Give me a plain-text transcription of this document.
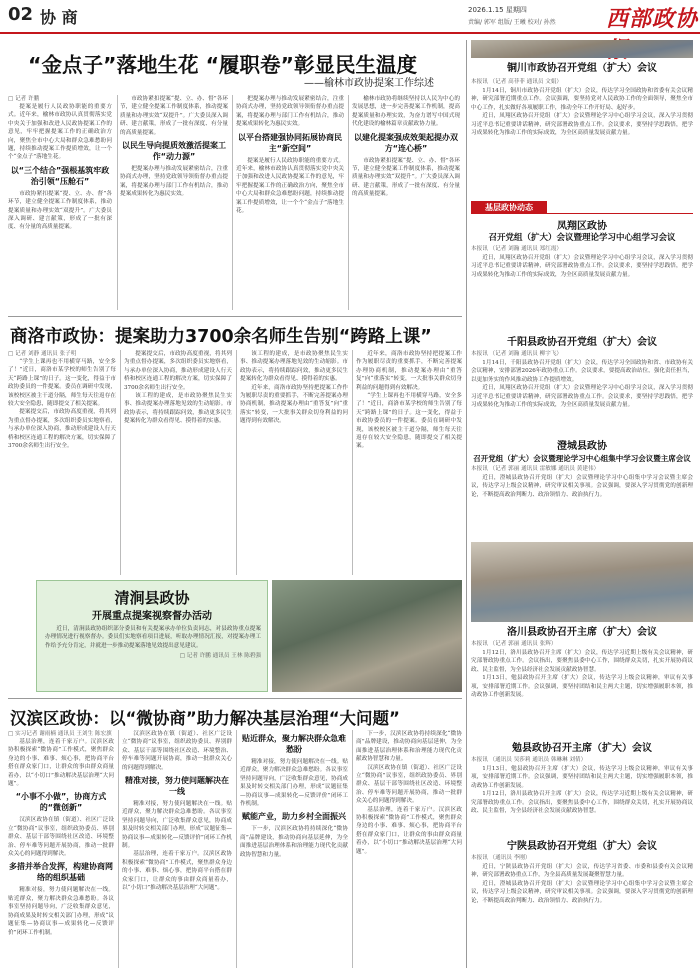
02 协 商	2026.1.15 星期四
责编/ 郭军 组版/ 王曦 校对/ 孙然 西部政协
“金点子”落地生花 “履职卷”彰显民生温度
——榆林市政协提案工作综述
□ 记者 许鹏

提案是履行人民政协职能的重要方式。近年来，榆林市政协认真贯彻落实党中央关于加强和改进人民政协提案工作的意见，牢牢把握提案工作的正确政治方向，聚焦全市中心大局和群众急难愁盼问题，持续推动提案工作提质增效，让一个个“金点子”落地生花。

以“三个结合”强根基筑牢政治引领“压舱石”

市政协紧扣提案“提、立、办、督”各环节，建立健全提案工作制度体系，推动提案质量和办理实效“双提升”。广大委员深入调研、建言献策，形成了一批有深度、有分量的高质量提案。

市政协紧扣提案“提、立、办、督”各环节，建立健全提案工作制度体系，推动提案质量和办理实效“双提升”。广大委员深入调研、建言献策，形成了一批有深度、有分量的高质量提案。

以民生导向提质效激活提案工作“动力源”

把提案办理与推动发展紧密结合，注重协商式办理，坚持党政领导领衔督办重点提案，将提案办理与部门工作有机结合，推动提案成果转化为惠民实效。

把提案办理与推动发展紧密结合，注重协商式办理，坚持党政领导领衔督办重点提案，将提案办理与部门工作有机结合，推动提案成果转化为惠民实效。

以平台搭建强协同拓展协商民主“新空间”

提案是履行人民政协职能的重要方式。近年来，榆林市政协认真贯彻落实党中央关于加强和改进人民政协提案工作的意见，牢牢把握提案工作的正确政治方向，聚焦全市中心大局和群众急难愁盼问题，持续推动提案工作提质增效，让一个个“金点子”落地生花。

榆林市政协将继续坚持以人民为中心的发展思想，进一步完善提案工作机制，提高提案质量和办理实效，为奋力谱写中国式现代化建设的榆林篇章贡献政协力量。

以建化提案强成效架起提办双方“连心桥”

市政协紧扣提案“提、立、办、督”各环节，建立健全提案工作制度体系，推动提案质量和办理实效“双提升”。广大委员深入调研、建言献策，形成了一批有深度、有分量的高质量提案。

商洛市政协：提案助力3700余名师生告别“跨路上课”
□ 记者 刘静 通讯员 张子明

“学生上课再也不用横穿马路，安全多了！”近日，商洛市某学校的师生告别了每天“跨路上课”的日子。这一变化，得益于市政协委员的一件提案。委员在调研中发现，该校校区被主干道分隔，师生每天往返存在较大安全隐患，随即提交了相关提案。

提案提交后，市政协高度重视，将其列为重点督办提案，多次组织委员实地察看，与承办单位深入协商，推动形成建设人行天桥和校区连通工程的解决方案，切实保障了3700余名师生出行安全。

提案提交后，市政协高度重视，将其列为重点督办提案，多次组织委员实地察看，与承办单位深入协商，推动形成建设人行天桥和校区连通工程的解决方案，切实保障了3700余名师生出行安全。

该工程的建成，是市政协聚焦民生实事、推动提案办理落地见效的生动缩影。市政协表示，将持续跟踪问效，推动更多民生提案转化为群众看得见、摸得着的实惠。

该工程的建成，是市政协聚焦民生实事、推动提案办理落地见效的生动缩影。市政协表示，将持续跟踪问效，推动更多民生提案转化为群众看得见、摸得着的实惠。

近年来，商洛市政协坚持把提案工作作为履职尽责的重要抓手，不断完善提案办理协商机制，推动提案办理由“重答复”向“重落实”转变，一大批事关群众切身利益的问题得到有效解决。

近年来，商洛市政协坚持把提案工作作为履职尽责的重要抓手，不断完善提案办理协商机制，推动提案办理由“重答复”向“重落实”转变，一大批事关群众切身利益的问题得到有效解决。

“学生上课再也不用横穿马路，安全多了！”近日，商洛市某学校的师生告别了每天“跨路上课”的日子。这一变化，得益于市政协委员的一件提案。委员在调研中发现，该校校区被主干道分隔，师生每天往返存在较大安全隐患，随即提交了相关提案。

清涧县政协
开展重点提案视察督办活动

近日，清涧县政协组织部分委员和有关提案承办单位负责同志，对县政协重点提案办理情况进行视察督办。委员们实地察看项目进展，听取办理情况汇报，对提案办理工作给予充分肯定，并就进一步推动提案落地见效提出意见建议。

□ 记者 许鹏 通讯员 王林 陈碧强
汉滨区政协：以“微协商”助力解决基层治理“大问题”
□ 实习记者 谢雨楠 通讯员 王刘生 陈宏旗

基层治理，连着千家万户。汉滨区政协积极探索“微协商”工作模式，聚焦群众身边的小事、难事、烦心事，把协商平台搭在群众家门口，让群众的事由群众商量着办，以“小切口”推动解决基层治理“大问题”。

“小事不小做”，协商方式的“微创新”

汉滨区政协在镇（街道）、社区广泛设立“微协商”议事室，组织政协委员、界别群众、基层干部等围绕社区改造、环境整治、停车难等问题开展协商，推动一批群众关心的问题得到解决。

多措并举合发挥，构建协商网络的组织基础

精准对接，努力使问题解决在一线。贴近群众，聚力解决群众急难愁盼。各议事室坚持问题导向，广泛收集群众意见，协商成果及时转交相关部门办理，形成“议题征集—协商议事—成果转化—反馈评价”闭环工作机制。

汉滨区政协在镇（街道）、社区广泛设立“微协商”议事室，组织政协委员、界别群众、基层干部等围绕社区改造、环境整治、停车难等问题开展协商，推动一批群众关心的问题得到解决。

精准对接，努力使问题解决在一线

精准对接，努力使问题解决在一线。贴近群众，聚力解决群众急难愁盼。各议事室坚持问题导向，广泛收集群众意见，协商成果及时转交相关部门办理，形成“议题征集—协商议事—成果转化—反馈评价”闭环工作机制。

基层治理，连着千家万户。汉滨区政协积极探索“微协商”工作模式，聚焦群众身边的小事、难事、烦心事，把协商平台搭在群众家门口，让群众的事由群众商量着办，以“小切口”推动解决基层治理“大问题”。

贴近群众，聚力解决群众急难愁盼

精准对接，努力使问题解决在一线。贴近群众，聚力解决群众急难愁盼。各议事室坚持问题导向，广泛收集群众意见，协商成果及时转交相关部门办理，形成“议题征集—协商议事—成果转化—反馈评价”闭环工作机制。

赋能产业，助力乡村全面振兴

下一步，汉滨区政协将持续深化“微协商”品牌建设，推动协商向基层延伸，为全面推进基层治理体系和治理能力现代化贡献政协智慧和力量。

下一步，汉滨区政协将持续深化“微协商”品牌建设，推动协商向基层延伸，为全面推进基层治理体系和治理能力现代化贡献政协智慧和力量。

汉滨区政协在镇（街道）、社区广泛设立“微协商”议事室，组织政协委员、界别群众、基层干部等围绕社区改造、环境整治、停车难等问题开展协商，推动一批群众关心的问题得到解决。

基层治理，连着千家万户。汉滨区政协积极探索“微协商”工作模式，聚焦群众身边的小事、难事、烦心事，把协商平台搭在群众家门口，让群众的事由群众商量着办，以“小切口”推动解决基层治理“大问题”。

铜川市政协召开党组（扩大）会议
本报讯 （记者 高菲菲 通讯员 文娟）

1月14日，铜川市政协召开党组（扩大）会议，传达学习全国政协和省委有关会议精神，研究部署近期重点工作。会议强调，要坚持党对人民政协工作的全面领导，聚焦全市中心工作，扎实做好各项履职工作，推动全年工作开好局、起好步。

近日，凤翔区政协召开党组（扩大）会议暨理论学习中心组学习会议，深入学习贯彻习近平总书记重要讲话精神，研究部署政协重点工作。会议要求，要坚持学思践悟，把学习成果转化为推动工作的实际成效，为全区高质量发展贡献力量。

基层政协动态
凤翔区政协
召开党组（扩大）会议暨理论学习中心组学习会议
本报讯 （记者 刘瀚 通讯员 郑红霞）

近日，凤翔区政协召开党组（扩大）会议暨理论学习中心组学习会议，深入学习贯彻习近平总书记重要讲话精神，研究部署政协重点工作。会议要求，要坚持学思践悟，把学习成果转化为推动工作的实际成效，为全区高质量发展贡献力量。

千阳县政协召开党组（扩大）会议
本报讯 （记者 刘瀚 通讯员 柳宇飞）

1月14日，千阳县政协召开党组（扩大）会议，传达学习全国政协和省、市政协有关会议精神，安排部署2026年政协重点工作。会议要求，要提高政治站位，强化责任担当，以更加务实的作风推动政协工作提质增效。

近日，凤翔区政协召开党组（扩大）会议暨理论学习中心组学习会议，深入学习贯彻习近平总书记重要讲话精神，研究部署政协重点工作。会议要求，要坚持学思践悟，把学习成果转化为推动工作的实际成效，为全区高质量发展贡献力量。

澄城县政协
召开党组（扩大）会议暨理论学习中心组集中学习会议暨主席会议
本报讯 （记者 郭丽 通讯员 雷敏娜 通讯员 黄建伟）

近日，澄城县政协召开党组（扩大）会议暨理论学习中心组集中学习会议暨主席会议，传达学习上级会议精神，研究审议相关事项。会议强调，要深入学习贯彻党的创新理论，不断提高政治判断力、政治领悟力、政治执行力。

洛川县政协召开主席（扩大）会议
本报讯 （记者 郭丽 通讯员 张辉）

1月12日，洛川县政协召开主席（扩大）会议，传达学习近期上级有关会议精神，研究部署政协重点工作。会议指出，要聚焦县委中心工作，围绕群众关切，扎实开展协商议政、民主监督，为全县经济社会发展贡献政协智慧。

1月13日，勉县政协召开主席（扩大）会议，传达学习上级会议精神，审议有关事项，安排部署近期工作。会议强调，要坚持团结和民主两大主题，切实增强履职本领，推动政协工作创新发展。

勉县政协召开主席（扩大）会议
本报讯 （通讯员 吴莎莉 通讯员 韩琳琳 刘倩）

1月13日，勉县政协召开主席（扩大）会议，传达学习上级会议精神，审议有关事项，安排部署近期工作。会议强调，要坚持团结和民主两大主题，切实增强履职本领，推动政协工作创新发展。

1月12日，洛川县政协召开主席（扩大）会议，传达学习近期上级有关会议精神，研究部署政协重点工作。会议指出，要聚焦县委中心工作，围绕群众关切，扎实开展协商议政、民主监督，为全县经济社会发展贡献政协智慧。

宁陕县政协召开党组（扩大）会议
本报讯 （通讯员 李刚）

近日，宁陕县政协召开党组（扩大）会议，传达学习省委、市委和县委有关会议精神，研究部署政协重点工作，为全县高质量发展凝聚智慧力量。

近日，澄城县政协召开党组（扩大）会议暨理论学习中心组集中学习会议暨主席会议，传达学习上级会议精神，研究审议相关事项。会议强调，要深入学习贯彻党的创新理论，不断提高政治判断力、政治领悟力、政治执行力。
